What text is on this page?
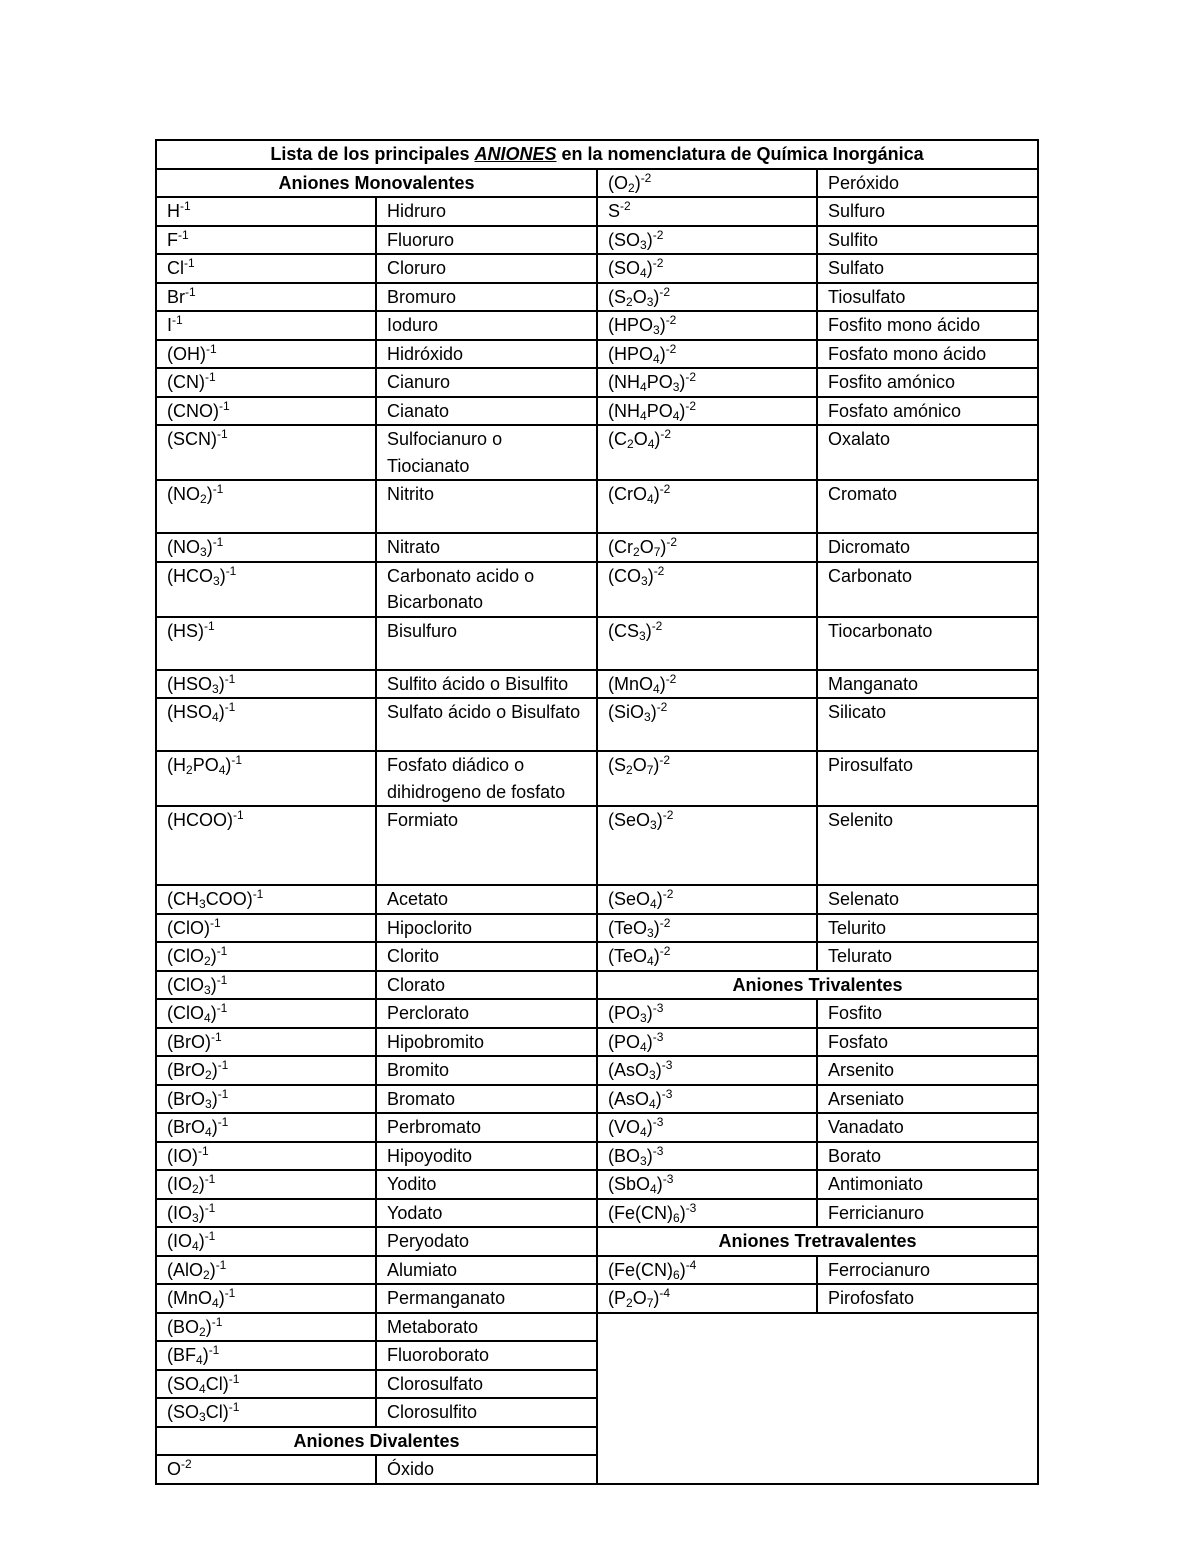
Lista de los principales ANIONES en la nomenclatura de Química Inorgánica			
Aniones Monovalentes		$(O_2)^{-2}$	Peróxido
$H^{-1}$	Hidruro	$S^{-2}$	Sulfuro
$F^{-1}$	Fluoruro	$(SO_3)^{-2}$	Sulfito
$Cl^{-1}$	Cloruro	$(SO_4)^{-2}$	Sulfato
$Br^{-1}$	Bromuro	$(S_2O_3)^{-2}$	Tiosulfato
$I^{-1}$	Ioduro	$(HPO_3)^{-2}$	Fosfito mono ácido
(OH)$^{-1}$	Hidróxido	$(HPO_4)^{-2}$	Fosfato mono ácido
(CN)$^{-1}$	Cianuro	$(NH_4PO_3)^{-2}$	Fosfito amónico
(CNO)$^{-1}$	Cianato	$(NH_4PO_4)^{-2}$	Fosfato amónico
(SCN)$^{-1}$	Sulfocianuro o Tiocianato	$(C_2O_4)^{-2}$	Oxalato
$(NO_2)^{-1}$	Nitrito	$(CrO_4)^{-2}$	Cromato
$(NO_3)^{-1}$	Nitrato	$(Cr_2O_7)^{-2}$	Dicromato
$(HCO_3)^{-1}$	Carbonato acido o Bicarbonato	$(CO_3)^{-2}$	Carbonato
(HS)$^{-1}$	Bisulfuro	$(CS_3)^{-2}$	Tiocarbonato
$(HSO_3)^{-1}$	Sulfito ácido o Bisulfito	$(MnO_4)^{-2}$	Manganato
$(HSO_4)^{-1}$	Sulfato ácido o Bisulfato	$(SiO_3)^{-2}$	Silicato
$(H_2PO_4)^{-1}$	Fosfato diádico o dihidrogeno de fosfato	$(S_2O_7)^{-2}$	Pirosulfato
(HCOO)$^{-1}$	Formiato	$(SeO_3)^{-2}$	Selenito
$(CH_3COO)^{-1}$	Acetato	$(SeO_4)^{-2}$	Selenato
(ClO)$^{-1}$	Hipoclorito	$(TeO_3)^{-2}$	Telurito
$(ClO_2)^{-1}$	Clorito	$(TeO_4)^{-2}$	Telurato
$(ClO_3)^{-1}$	Clorato	Aniones Trivalentes	
$(ClO_4)^{-1}$	Perclorato	$(PO_3)^{-3}$	Fosfito
(BrO)$^{-1}$	Hipobromito	$(PO_4)^{-3}$	Fosfato
$(BrO_2)^{-1}$	Bromito	$(AsO_3)^{-3}$	Arsenito
$(BrO_3)^{-1}$	Bromato	$(AsO_4)^{-3}$	Arseniato
$(BrO_4)^{-1}$	Perbromato	$(VO_4)^{-3}$	Vanadato
(IO)$^{-1}$	Hipoyodito	$(BO_3)^{-3}$	Borato
$(IO_2)^{-1}$	Yodito	$(SbO_4)^{-3}$	Antimoniato
$(IO_3)^{-1}$	Yodato	$(Fe(CN)_6)^{-3}$	Ferricianuro
$(IO_4)^{-1}$	Peryodato	Aniones Tretravalentes	
$(AlO_2)^{-1}$	Alumiato	$(Fe(CN)_6)^{-4}$	Ferrocianuro
$(MnO_4)^{-1}$	Permanganato	$(P_2O_7)^{-4}$	Pirofosfato
$(BO_2)^{-1}$	Metaborato		
$(BF_4)^{-1}$	Fluoroborato		
$(SO_4Cl)^{-1}$	Clorosulfato		
$(SO_3Cl)^{-1}$	Clorosulfito		
Aniones Divalentes			
$O^{-2}$	Óxido		
